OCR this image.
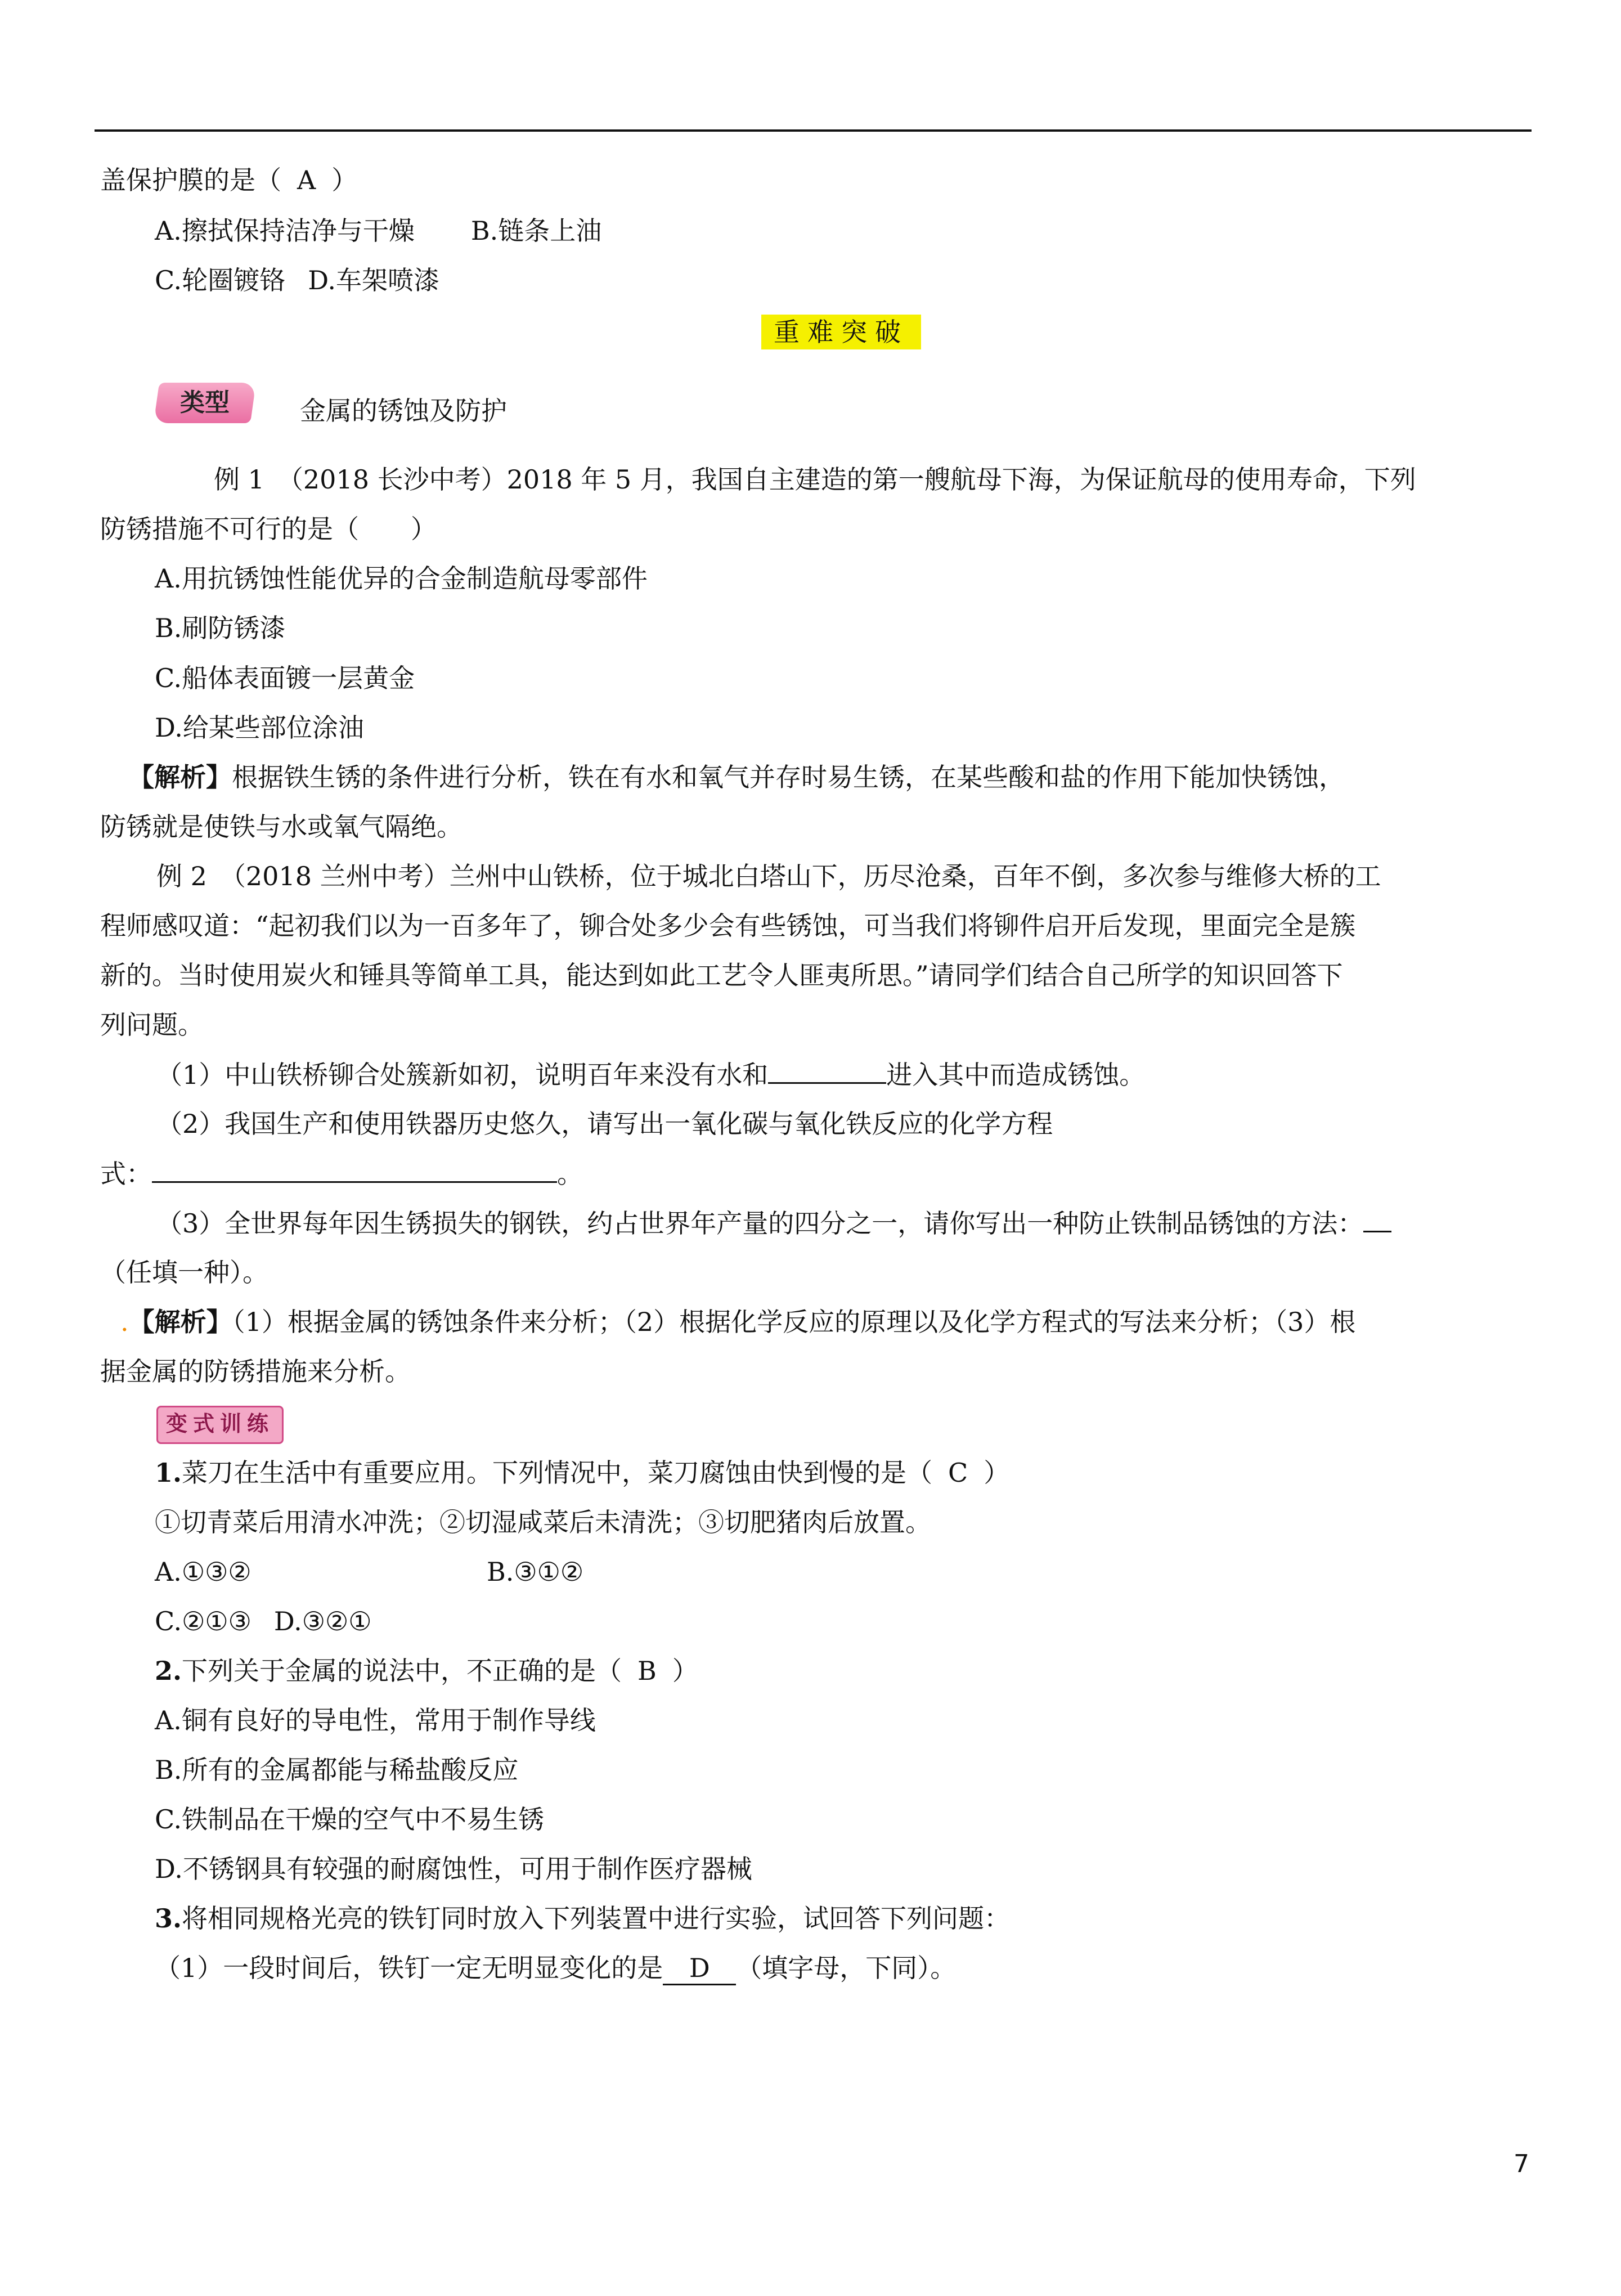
盖保护膜的是（ A ）
A.擦拭保持洁净与干燥 B.链条上油
C.轮圈镀铬 D.车架喷漆
重难突破
类型	金属的锈蚀及防护
例 1　（2018 长沙中考）2018 年 5 月，我国自主建造的第一艘航母下海，为保证航母的使用寿命，下列
防锈措施不可行的是（　　）
A.用抗锈蚀性能优异的合金制造航母零部件
B.刷防锈漆
C.船体表面镀一层黄金
D.给某些部位涂油
【解析】根据铁生锈的条件进行分析，铁在有水和氧气并存时易生锈，在某些酸和盐的作用下能加快锈蚀，
防锈就是使铁与水或氧气隔绝。
例 2　（2018 兰州中考）兰州中山铁桥，位于城北白塔山下，历尽沧桑，百年不倒，多次参与维修大桥的工
程师感叹道：“起初我们以为一百多年了，铆合处多少会有些锈蚀，可当我们将铆件启开后发现，里面完全是簇
新的。当时使用炭火和锤具等简单工具，能达到如此工艺令人匪夷所思。”请同学们结合自己所学的知识回答下
列问题。
（1）中山铁桥铆合处簇新如初，说明百年来没有水和	进入其中而造成锈蚀。
（2）我国生产和使用铁器历史悠久，请写出一氧化碳与氧化铁反应的化学方程
式：	。
（3）全世界每年因生锈损失的钢铁，约占世界年产量的四分之一，请你写出一种防止铁制品锈蚀的方法：
（任填一种）。
.【解析】（1）根据金属的锈蚀条件来分析；（2）根据化学反应的原理以及化学方程式的写法来分析；（3）根
据金属的防锈措施来分析。
变式训练
1.菜刀在生活中有重要应用。下列情况中，菜刀腐蚀由快到慢的是（ C ）
①切青菜后用清水冲洗；②切湿咸菜后未清洗；③切肥猪肉后放置。
A.①③②	B.③①②
C.②①③ D.③②①
2.下列关于金属的说法中，不正确的是（ B ）
A.铜有良好的导电性，常用于制作导线
B.所有的金属都能与稀盐酸反应
C.铁制品在干燥的空气中不易生锈
D.不锈钢具有较强的耐腐蚀性，可用于制作医疗器械
3.将相同规格光亮的铁钉同时放入下列装置中进行实验，试回答下列问题：
（1）一段时间后，铁钉一定无明显变化的是 D （填字母，下同）。
7
